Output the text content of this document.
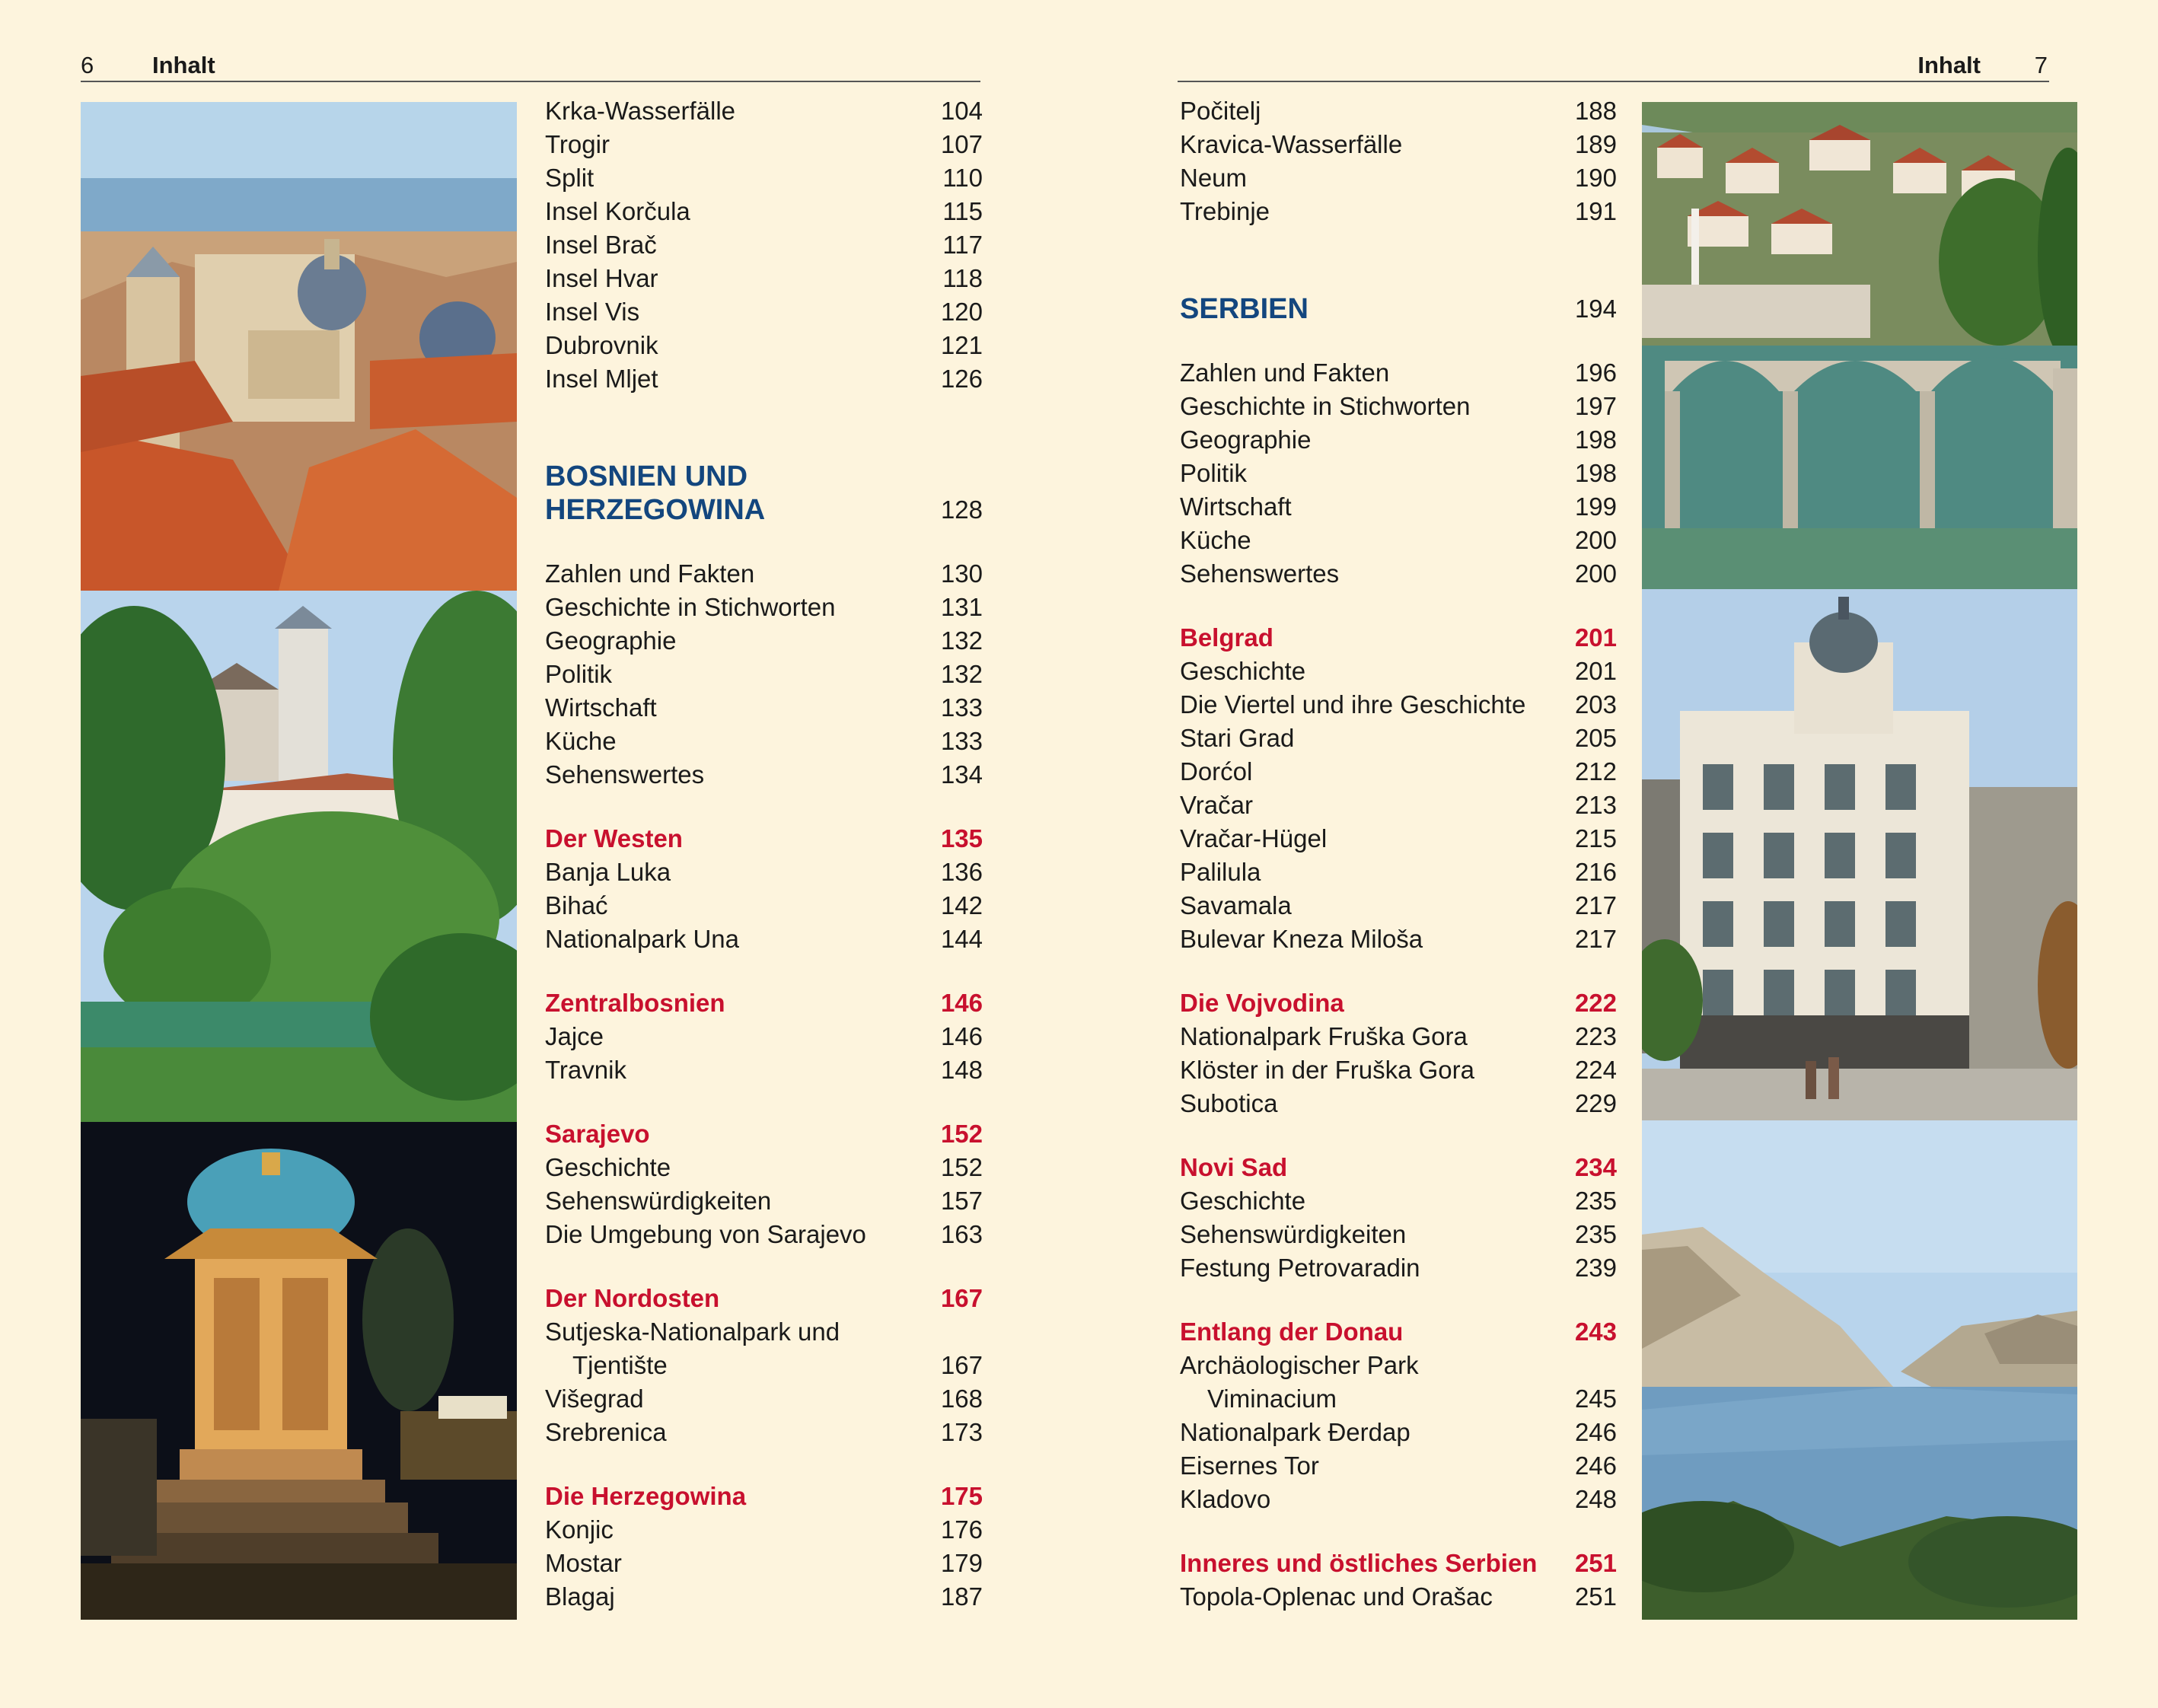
6 Inhalt
Krka-Wasserfälle	104
Trogir	107
Split	110
Insel Korčula	115
Insel Brač	117
Insel Hvar	118
Insel Vis	120
Dubrovnik	121
Insel Mljet	126
BOSNIEN UND
HERZEGOWINA	128
Zahlen und Fakten	130
Geschichte in Stichworten	131
Geographie	132
Politik	132
Wirtschaft	133
Küche	133
Sehenswertes	134
Der Westen	135
Banja Luka	136
Bihać	142
Nationalpark Una	144
Zentralbosnien	146
Jajce	146
Travnik	148
Sarajevo	152
Geschichte	152
Sehenswürdigkeiten	157
Die Umgebung von Sarajevo	163
Der Nordosten	167
Sutjeska-Nationalpark und
Tjentište	167
Višegrad	168
Srebrenica	173
Die Herzegowina	175
Konjic	176
Mostar	179
Blagaj	187
Inhalt 7
Počitelj	188
Kravica-Wasserfälle	189
Neum	190
Trebinje	191
SERBIEN	194
Zahlen und Fakten	196
Geschichte in Stichworten	197
Geographie	198
Politik	198
Wirtschaft	199
Küche	200
Sehenswertes	200
Belgrad	201
Geschichte	201
Die Viertel und ihre Geschichte 203
Stari Grad	205
Dorćol	212
Vračar	213
Vračar-Hügel	215
Palilula	216
Savamala	217
Bulevar Kneza Miloša	217
Die Vojvodina	222
Nationalpark Fruška Gora	223
Klöster in der Fruška Gora	224
Subotica	229
Novi Sad	234
Geschichte	235
Sehenswürdigkeiten	235
Festung Petrovaradin	239
Entlang der Donau	243
Archäologischer Park
Viminacium	245
Nationalpark Đerdap	246
Eisernes Tor	246
Kladovo	248
Inneres und östliches Serbien 251
Topola-Oplenac und Orašac	251
